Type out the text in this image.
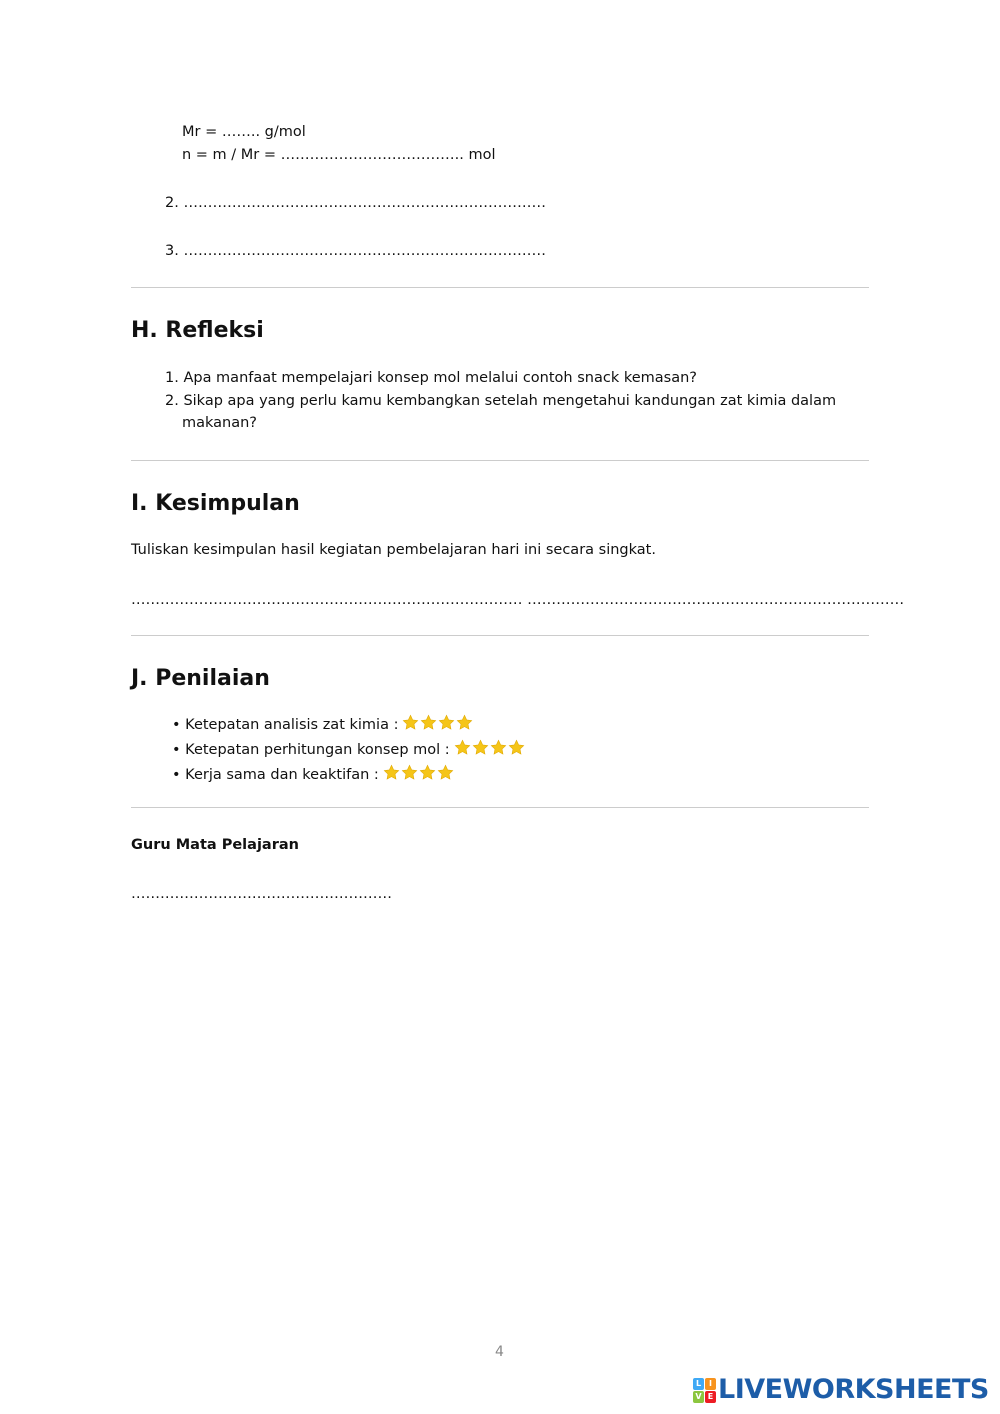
Mr = …….. g/mol
n = m / Mr = ……………………………….. mol
2. …………………………………………………………………
3. …………………………………………………………………
H. Refleksi
1. Apa manfaat mempelajari konsep mol melalui contoh snack kemasan?
2. Sikap apa yang perlu kamu kembangkan setelah mengetahui kandungan zat kimia dalam
makanan?
I. Kesimpulan
Tuliskan kesimpulan hasil kegiatan pembelajaran hari ini secara singkat.
……………………………………………………………………… ……………………………………………………………………
J. Penilaian
• Ketepatan analisis zat kimia :
• Ketepatan perhitungan konsep mol :
• Kerja sama dan keaktifan :
Guru Mata Pelajaran
………………………………………………
4
L I
V E LIVEWORKSHEETS
